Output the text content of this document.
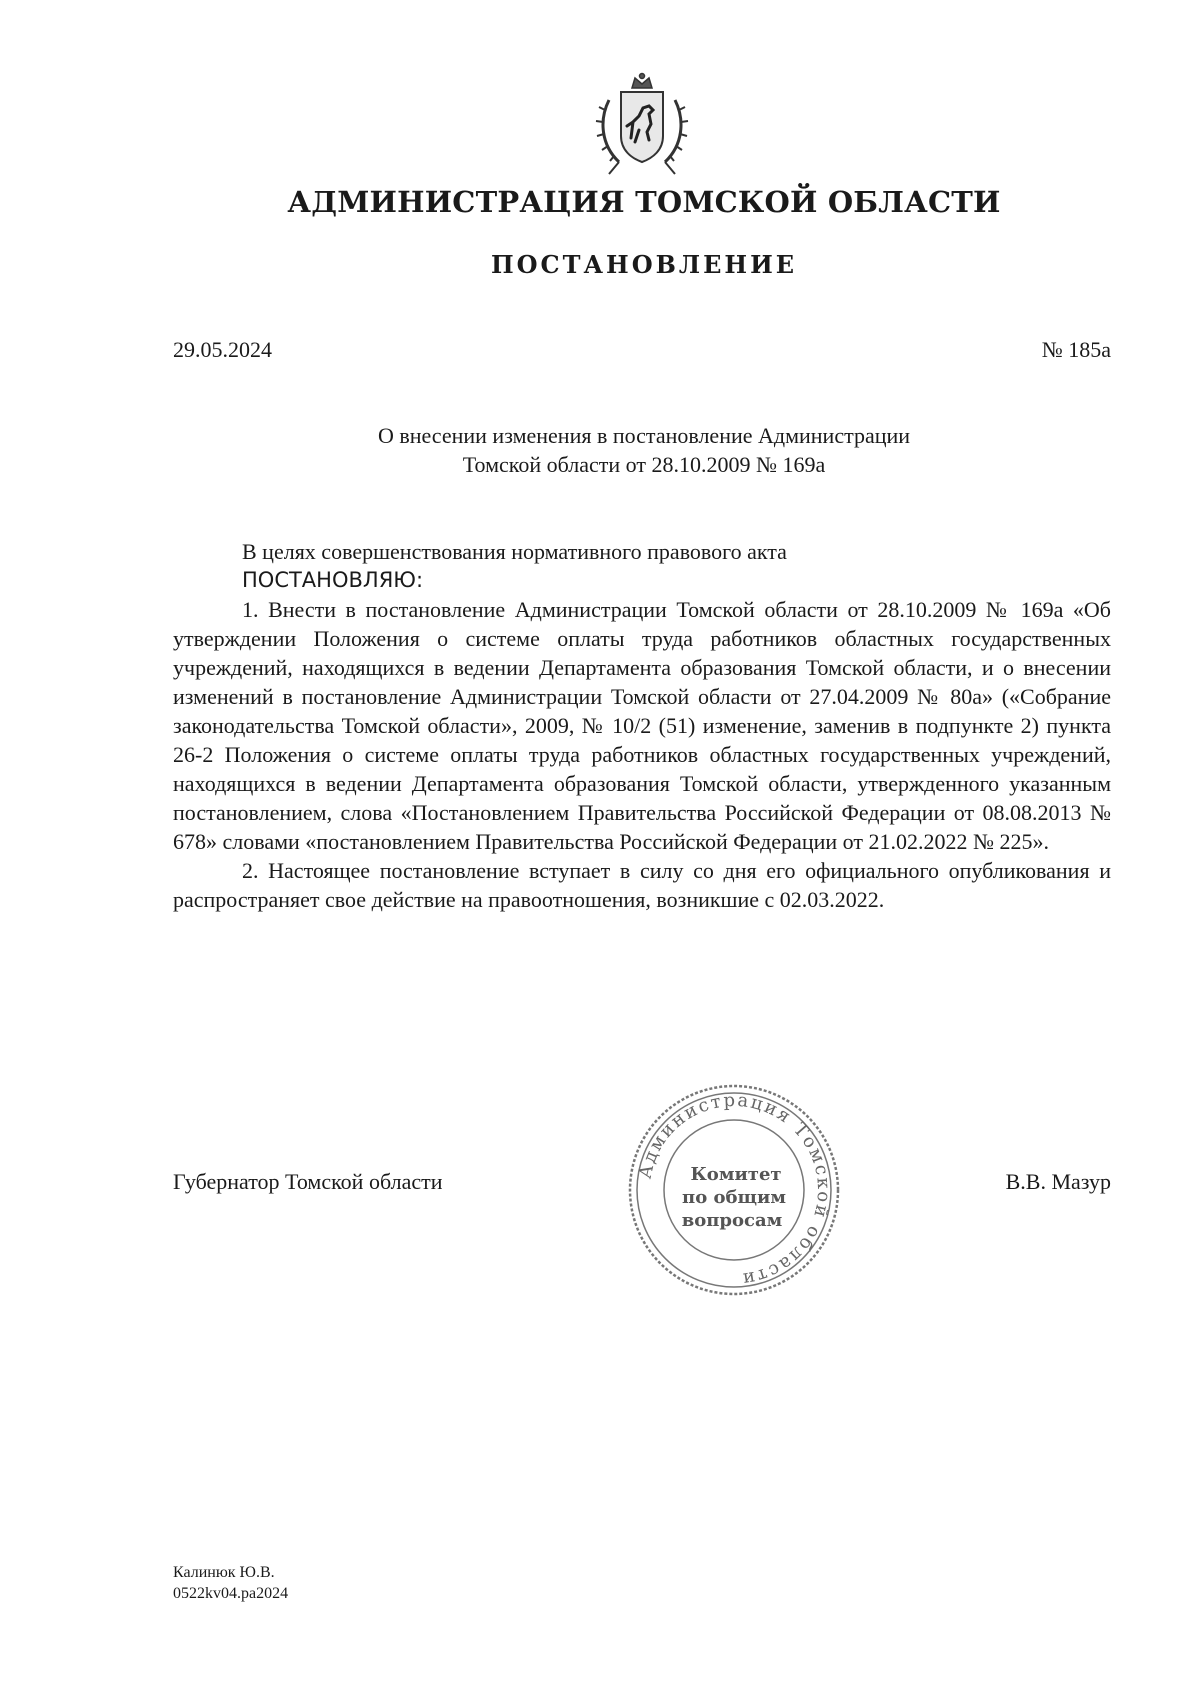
АДМИНИСТРАЦИЯ ТОМСКОЙ ОБЛАСТИ
ПОСТАНОВЛЕНИЕ
29.05.2024	№ 185а
О внесении изменения в постановление Администрации
Томской области от 28.10.2009 № 169а

В целях совершенствования нормативного правового акта

ПОСТАНОВЛЯЮ:

1. Внести в постановление Администрации Томской области от 28.10.2009 № 169а «Об утверждении Положения о системе оплаты труда работников областных государственных учреждений, находящихся в ведении Департамента образования Томской области, и о внесении изменений в постановление Администрации Томской области от 27.04.2009 № 80а» («Собрание законодательства Томской области», 2009, № 10/2 (51) изменение, заменив в подпункте 2) пункта 26-2 Положения о системе оплаты труда работников областных государственных учреждений, находящихся в ведении Департамента образования Томской области, утвержденного указанным постановлением, слова «Постановлением Правительства Российской Федерации от 08.08.2013 № 678» словами «постановлением Правительства Российской Федерации от 21.02.2022 № 225».

2. Настоящее постановление вступает в силу со дня его официального опубликования и распространяет свое действие на правоотношения, возникшие с 02.03.2022.

Губернатор Томской области	В.В. Мазур
Администрация Томской области
Комитет
по общим
вопросам
Калинюк Ю.В.
0522kv04.ра2024
